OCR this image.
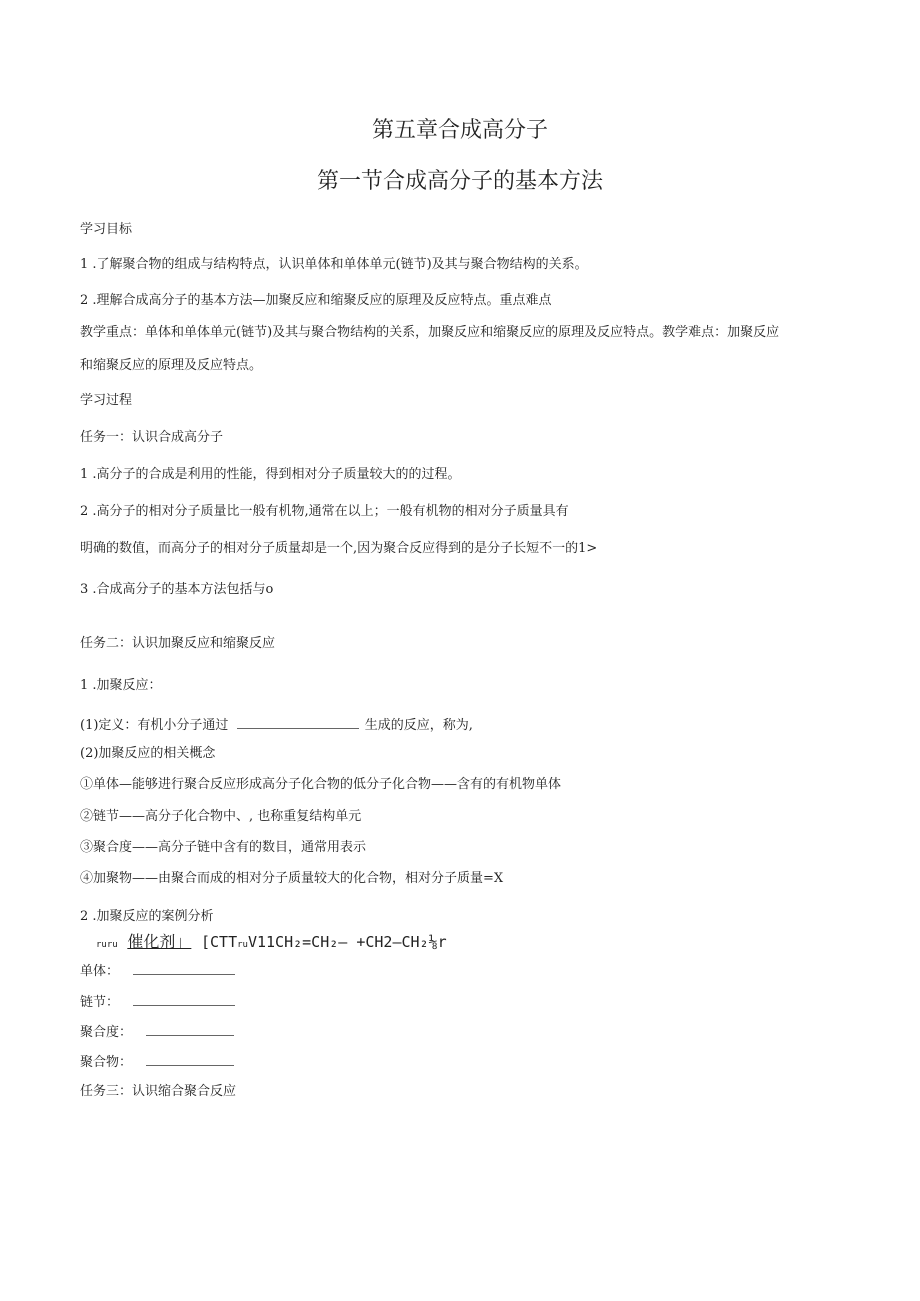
第五章合成高分子
第一节合成高分子的基本方法
学习目标
1 .了解聚合物的组成与结构特点，认识单体和单体单元(链节)及其与聚合物结构的关系。
2 .理解合成高分子的基本方法—加聚反应和缩聚反应的原理及反应特点。重点难点
教学重点：单体和单体单元(链节)及其与聚合物结构的关系，加聚反应和缩聚反应的原理及反应特点。教学难点：加聚反应
和缩聚反应的原理及反应特点。
学习过程
任务一：认识合成高分子
1 .高分子的合成是利用的性能，得到相对分子质量较大的的过程。
2 .高分子的相对分子质量比一般有机物,通常在以上；一般有机物的相对分子质量具有
明确的数值，而高分子的相对分子质量却是一个,因为聚合反应得到的是分子长短不一的1>
3 .合成高分子的基本方法包括与o
任务二：认识加聚反应和缩聚反应
1 .加聚反应：
(1)定义：有机小分子通过	生成的反应，称为,
(2)加聚反应的相关概念
①单体—能够进行聚合反应形成高分子化合物的低分子化合物——含有的有机物单体
②链节——高分子化合物中、, 也称重复结构单元
③聚合度——高分子链中含有的数目，通常用表示
④加聚物——由聚合而成的相对分子质量较大的化合物，相对分子质量=X
2 .加聚反应的案例分析
ruru 催化剂」 [CTTruV11CH₂=CH₂— +CH2—CH₂⅛r
单体：
链节：
聚合度：
聚合物：
任务三：认识缩合聚合反应
